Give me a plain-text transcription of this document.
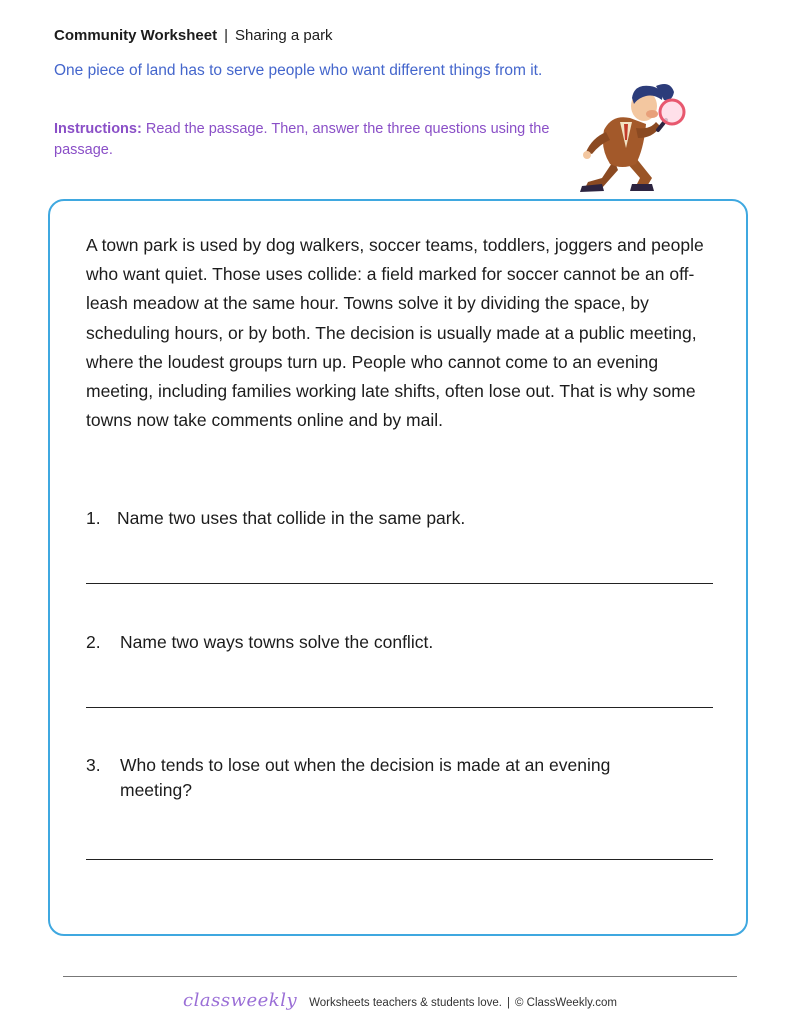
Community Worksheet | Sharing a park
One piece of land has to serve people who want different things from it.
Instructions: Read the passage. Then, answer the three questions using the passage.
A town park is used by dog walkers, soccer teams, toddlers, joggers and people who want quiet. Those uses collide: a field marked for soccer cannot be an off-leash meadow at the same hour. Towns solve it by dividing the space, by scheduling hours, or by both. The decision is usually made at a public meeting, where the loudest groups turn up. People who cannot come to an evening meeting, including families working late shifts, often lose out. That is why some towns now take comments online and by mail.
1. Name two uses that collide in the same park.
2.	Name two ways towns solve the conflict.
3.	Who tends to lose out when the decision is made at an evening meeting?
classweekly Worksheets teachers & students love. | © ClassWeekly.com
